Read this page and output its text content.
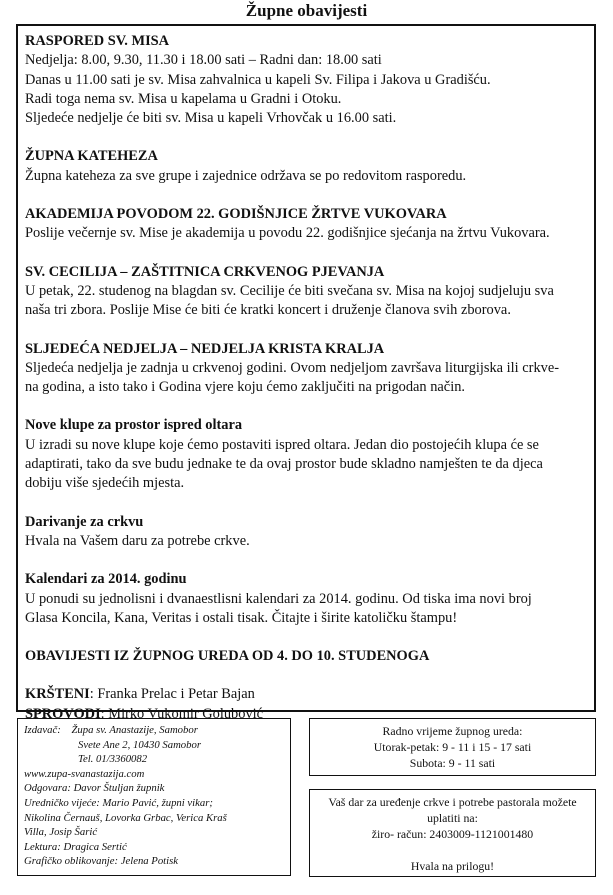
Župne obavijesti
RASPORED SV. MISA

Nedjelja: 8.00, 9.30, 11.30 i 18.00 sati – Radni dan: 18.00 sati

Danas u 11.00 sati je sv. Misa zahvalnica u kapeli Sv. Filipa i Jakova u Gradišću.

Radi toga nema sv. Misa u kapelama u Gradni i Otoku.

Sljedeće nedjelje će biti sv. Misa u kapeli Vrhovčak u 16.00 sati.

ŽUPNA KATEHEZA

Župna kateheza za sve grupe i zajednice održava se po redovitom rasporedu.

AKADEMIJA POVODOM 22. GODIŠNJICE ŽRTVE VUKOVARA

Poslije večernje sv. Mise je akademija u povodu 22. godišnjice sjećanja na žrtvu Vukovara.

SV. CECILIJA – ZAŠTITNICA CRKVENOG PJEVANJA

U petak, 22. studenog na blagdan sv. Cecilije će biti svečana sv. Misa na kojoj sudjeluju sva

naša tri zbora. Poslije Mise će biti će kratki koncert i druženje članova svih zborova.

SLJEDEĆA NEDJELJA – NEDJELJA KRISTA KRALJA

Sljedeća nedjelja je zadnja u crkvenoj godini. Ovom nedjeljom završava liturgijska ili crkve-

na godina, a isto tako i Godina vjere koju ćemo zaključiti na prigodan način.

Nove klupe za prostor ispred oltara

U izradi su nove klupe koje ćemo postaviti ispred oltara. Jedan dio postojećih klupa će se

adaptirati, tako da sve budu jednake te da ovaj prostor bude skladno namješten te da djeca

dobiju više sjedećih mjesta.

Darivanje za crkvu

Hvala na Vašem daru za potrebe crkve.

Kalendari za 2014. godinu

U ponudi su jednolisni i dvanaestlisni kalendari za 2014. godinu. Od tiska ima novi broj

Glasa Koncila, Kana, Veritas i ostali tisak. Čitajte i širite katoličku štampu!

OBAVIJESTI IZ ŽUPNOG UREDA OD 4. DO 10. STUDENOGA
KRŠTENI: Franka Prelac i Petar Bajan
SPROVODI: Mirko Vukomir Golubović
Izdavač: Župa sv. Anastazije, Samobor
Svete Ane 2, 10430 Samobor
Tel. 01/3360082
www.zupa-svanastazija.com
Odgovara: Davor Štuljan župnik
Uredničko vijeće: Mario Pavić, župni vikar;
Nikolina Černauš, Lovorka Grbac, Verica Kraš
Villa, Josip Šarić
Lektura: Dragica Sertić
Grafičko oblikovanje: Jelena Potisk
Radno vrijeme župnog ureda:
Utorak-petak: 9 - 11 i 15 - 17 sati
Subota: 9 - 11 sati
Vaš dar za uređenje crkve i potrebe pastorala možete
uplatiti na:
žiro- račun: 2403009-1121001480
Hvala na prilogu!
